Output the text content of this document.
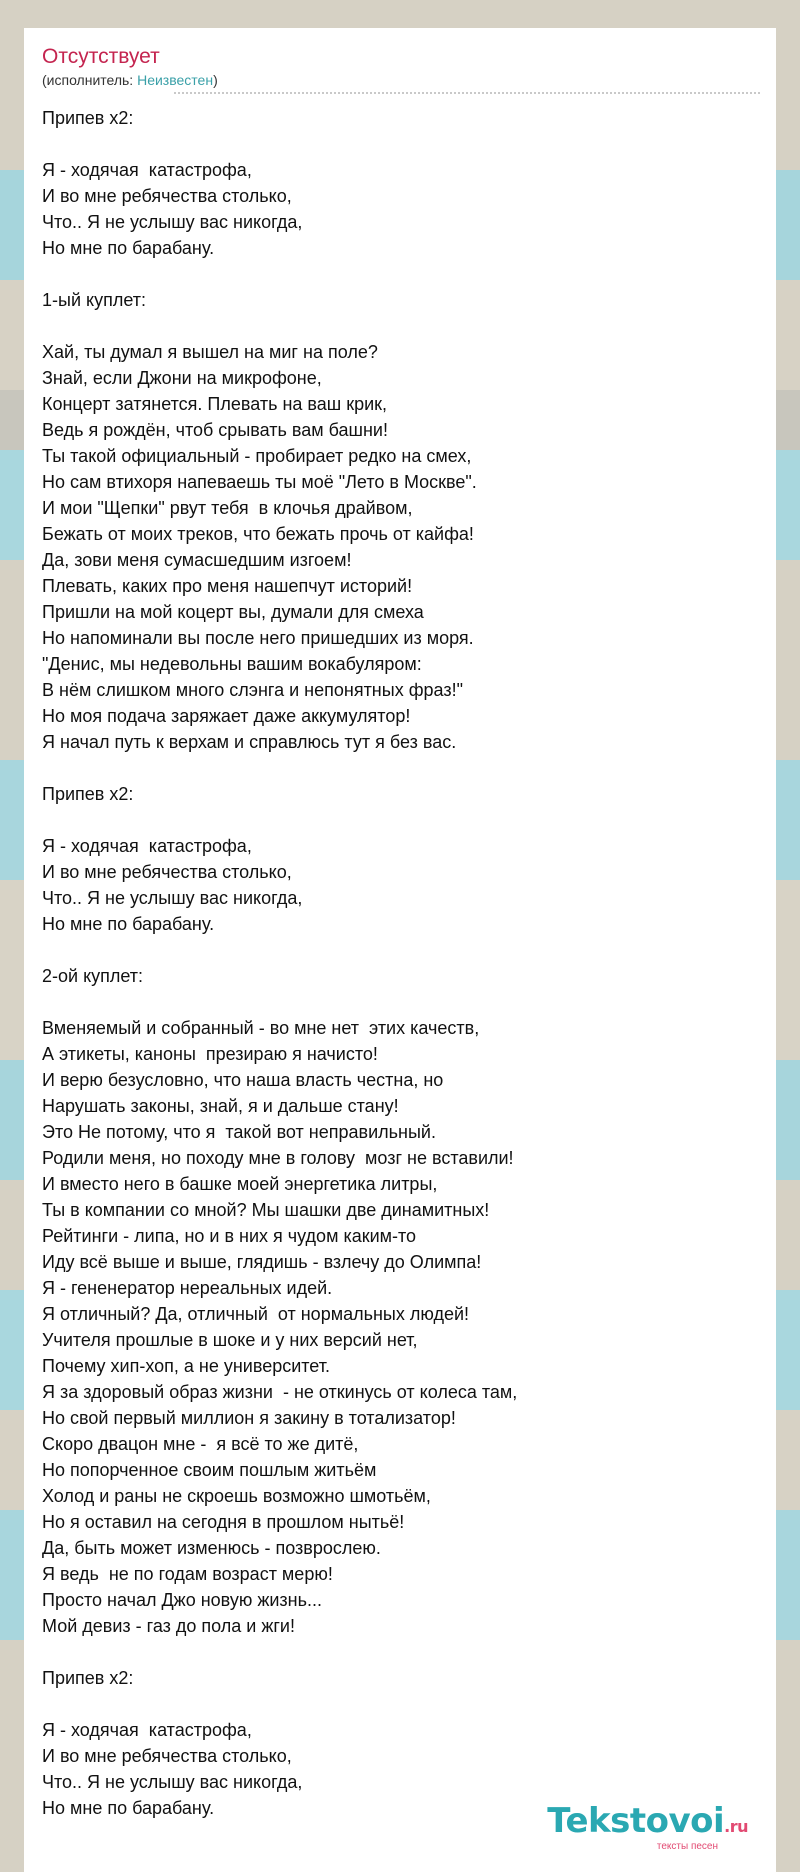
Отсутствует
(исполнитель: Неизвестен)
Припев х2:
Я - ходячая  катастрофа,
И во мне ребячества столько,
Что.. Я не услышу вас никогда,
Но мне по барабану.
1-ый куплет:
Хай, ты думал я вышел на миг на поле?
Знай, если Джони на микрофоне,
Концерт затянется. Плевать на ваш крик,
Ведь я рождён, чтоб срывать вам башни!
Ты такой официальный - пробирает редко на смех,
Но сам втихоря напеваешь ты моё "Лето в Москве".
И мои "Щепки" рвут тебя  в клочья драйвом,
Бежать от моих треков, что бежать прочь от кайфа!
Да, зови меня сумасшедшим изгоем!
Плевать, каких про меня нашепчут историй!
Пришли на мой коцерт вы, думали для смеха
Но напоминали вы после него пришедших из моря.
"Денис, мы недевольны вашим вокабуляром:
В нём слишком много слэнга и непонятных фраз!"
Но моя подача заряжает даже аккумулятор!
Я начал путь к верхам и справлюсь тут я без вас.
Припев х2:
Я - ходячая  катастрофа,
И во мне ребячества столько,
Что.. Я не услышу вас никогда,
Но мне по барабану.
2-ой куплет:
Вменяемый и собранный - во мне нет  этих качеств,
А этикеты, каноны  презираю я начисто!
И верю безусловно, что наша власть честна, но
Нарушать законы, знай, я и дальше стану!
Это Не потому, что я  такой вот неправильный.
Родили меня, но походу мне в голову  мозг не вставили!
И вместо него в башке моей энергетика литры,
Ты в компании со мной? Мы шашки две динамитных!
Рейтинги - липа, но и в них я чудом каким-то
Иду всё выше и выше, глядишь - взлечу до Олимпа!
Я - гененератор нереальных идей.
Я отличный? Да, отличный  от нормальных людей!
Учителя прошлые в шоке и у них версий нет,
Почему хип-хоп, а не университет.
Я за здоровый образ жизни  - не откинусь от колеса там,
Но свой первый миллион я закину в тотализатор!
Скоро двацон мне -  я всё то же дитё,
Но попорченное своим пошлым житьём
Холод и раны не скроешь возможно шмотьём,
Но я оставил на сегодня в прошлом нытьё!
Да, быть может изменюсь - позврослею.
Я ведь  не по годам возраст мерю!
Просто начал Джо новую жизнь...
Мой девиз - газ до пола и жги!
Припев х2:
Я - ходячая  катастрофа,
И во мне ребячества столько,
Что.. Я не услышу вас никогда,
Но мне по барабану.	Tekstovoi.ru
тексты песен
